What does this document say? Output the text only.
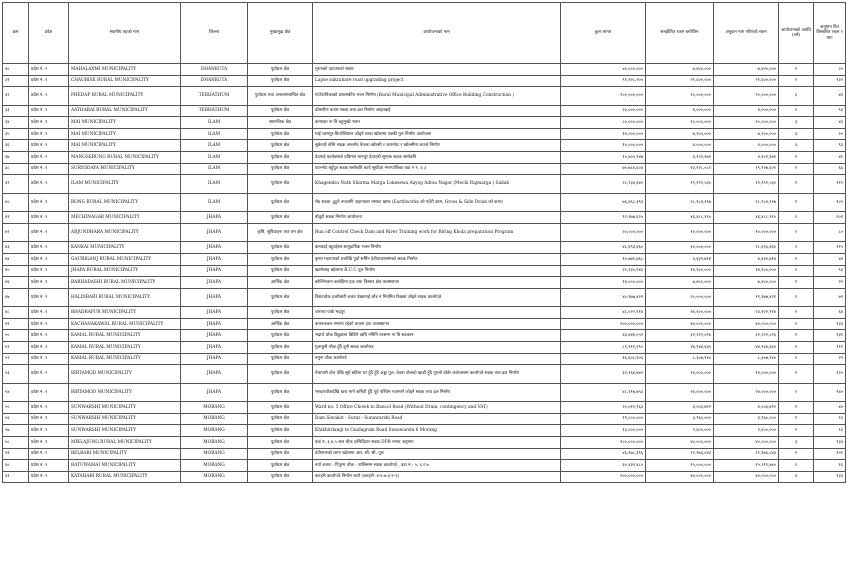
क्रम	प्रदेश	स्थानीय तहको नाम	जिल्ला	मुख्यमुद्रा क्षेत्र	आयोजनाको नाम	कुल लागत	सम्झौतित रकम बमोजिम	अनुदान माग गरिएको रकम	आयोजनाको अवधि (वर्ष)	अनुमान दिन विस्तारित रकम र माग
३०	प्रदेश नं. १	MAHALAXMI MUNICIPALITY	DHANKUTA	पूर्वाधार क्षेत्र	मुरानको उठाउनको सडक	४०,०००,०००	७,४००,०००	७,४००,०००	१	२०
३१	प्रदेश नं. १	CHAUBISE RURAL MUNICIPALITY	DHANKUTA	पूर्वाधार क्षेत्र	Lapse sukrabare road upgrading project	९१,९२८,२००	२१,६००,०००	२१,६००,०००	१	१३२
३२	प्रदेश नं. १	PHEDAP RURAL MUNICIPALITY	TERHATHUM	पुर्वाधार तथा अन्तरसम्बन्धित क्षेत्र	गाउँपालिकाको प्रशासकीय भवन निर्माण (Rural Municipal Administrative Office Building Construction )	१००,०००,०००	२०,०००,०००	२०,०००,०००	३	४३
३३	प्रदेश नं. १	AATHARAI RURAL MUNICIPALITY	TERHATHUM	पूर्वाधार क्षेत्र	बाँकमीण बजार सडक तथा ढल निर्माण आइतबाई	२०,०००,०००	४,०००,०००	४,०००,०००	१	९३
३४	प्रदेश नं. १	MAI MUNICIPALITY	ILAM	सामाजिक क्षेत्र	कन्याका ना वि बहुमुखी भवन	८०,०००,०००	२०,०००,०००	२०,०००,०००	३	४३
३५	प्रदेश नं. १	MAI MUNICIPALITY	ILAM	पूर्वाधार क्षेत्र	माई धरमपुर-बिजोलियाल जोड्ने रतवा खोलामा पक्की पुल निर्माण आयोजना	१४,०००,०००	७,२००,०००	७,२००,०००	३	२०
३६	प्रदेश नं. १	MAI MUNICIPALITY	ILAM	पूर्वाधार क्षेत्र	सुकेवार्र वस्ति सडक अन्तर्गत वैजला खोल्सी र जरामोटा र खोल्सीमा कजवे निर्माण	१०,०००,०००	४,०००,०००	४,०००,०००	३	९३
३७	प्रदेश नं. १	MANGSEBUNG RURAL MUNICIPALITY	ILAM	पूर्वाधार क्षेत्र	देउमाई कालेक्याले दविमान मानपुर देउराली सुमाक सडक स्तरोन्नति	१०,४०५,१४७	४,१०२,१७१	४,१०२,१७१	१	४१
३८	प्रदेश नं. १	SURYODAYA MUNICIPALITY	ILAM	पूर्वाधार क्षेत्र	फाल्नोट बहुँदुत सडक स्तरोन्नति कार्य सूर्योदय नगरपालिका वडा नं ९, ४ ३	७०,७८४,६०३	२३,९२८,०८१	१९,९२७,६०१	१	६६
३९	प्रदेश नं. १	ILAM MUNICIPALITY	ILAM	पूर्वाधार क्षेत्र	Khagendra Nath Sharma Marga Lokesewa Aayog Adrsa Nagar (Mechi Rajmarga ) Sadak	२८,२३४,६४०	१९,१९२,५३०	१९,१९२,५३०	१	१११
४०	प्रदेश नं. १	RONG RURAL MUNICIPALITY	ILAM	पूर्वाधार क्षेत्र	रोड सडक- टुटुने तपलागि जहानाटार मस्याट खण्ड (Earthworks को फाँटी काम, Gross & Side Drain को काम)	७६,४६८,३९३	२८,९८४,११७	२८,९८४,११७	१	१०१
४१	प्रदेश नं. १	MECHINAGAR MUNICIPALITY	JHAPA	पूर्वाधार क्षेत्र	बीतुटी सडक निर्माण आयोजना	९२,१७७,६२०	४६,४८८,९१०	४६,४८८,९१०	१	२०१
४२	प्रदेश नं. १	ARJUNDHARA MUNICIPALITY	JHAPA	कृषि, सुविधाहरु तथा वन क्षेत्र	Run off Control Check Dam and River Training work for Biring Khola preparation Program	२०,०००,०००	१०,०००,०००	१०,०००,०००	१	८०
४३	प्रदेश नं. १	KANKAI MUNICIPALITY	JHAPA	पूर्वाधार क्षेत्र	कनकाई बहुउद्देश्य सामुदायिक भवन निर्माण	४८,६९३,४६०	३०,०००,०००	२८,६९३,४६०	२	११५
४४	प्रदेश नं. १	GAURIGANJ RURAL MUNICIPALITY	JHAPA	पूर्वाधार क्षेत्र	कृष्ण महतपाको घरदेखि पुर्वा सर्मिन देवीपाथरसम्मको सडक निर्माण	१०,७७१,७६८	४,४३९,७१४	४,४३९,७१४	१	४४
४५	प्रदेश नं. १	JHAPA RURAL MUNICIPALITY	JHAPA	पूर्वाधार क्षेत्र	खल्मेलाइ खोलामा R.C.C पुल निर्माण	२०,१३०,९४३	१४,१००,०००	१४,१००,०००	१	९३
४६	प्रदेश नं. १	BARHADASHI RURAL MUNICIPALITY	JHAPA	आर्थिक क्षेत्र	कोल्पिन्जान बल्देहिमा हाट तथा विस्तार क्षेत्र व्यवस्थापन	१४,०००,०००	७,४००,०००	७,४००,०००	१	२१
४७	प्रदेश नं. १	HALDIBARI RURAL MUNICIPALITY	JHAPA	पूर्वाधार क्षेत्र	विराटचोक हल्दीबारी बजार देखामाई लोड नं नियमित रिखबा जोड्ने सडक कालोपत्रे	४०,१७७,४२१	२०,०००,०००	१९,१७७,४२१	१	७९
४८	प्रदेश नं. १	BHADRAPUR MUNICIPALITY	JHAPA	पूर्वाधार क्षेत्र	चारपथ पार्क भद्रपुर	४८,०२२,११४	२४,१००,०००	२३,१२२,११४	१	६४
४९	प्रदेश नं. १	KACHANAKAWAL RURAL MUNICIPALITY	JHAPA	आर्थिक क्षेत्र	कचनकवल नगरमा रहेको कचना हाट व्यवस्थापन	१००,०००,०००	४०,०००,०००	४०,०००,०००	१	१३३
५०	प्रदेश नं. १	KAMAL RURAL MUNICIPALITY	JHAPA	पूर्वाधार क्षेत्र	भद्रार्थ चोक बिडुडाला बिडिमे ऋषि नमिनि घरसम्म ना बि सडकान	६४,४४४,०५२	३२,२२२,०२६	३२,२२२,०२६	१	१३१
५१	प्रदेश नं. १	KAMAL RURAL MUNICIPALITY	JHAPA	पूर्वाधार क्षेत्र	गुलाबुनी चौक हुँदै दुनी सडक कालोपत्र	८९,९११,२९०	४४,९४४,६४५	४४,९४४,६४५	१	१११
५२	प्रदेश नं. १	KAMAL RURAL MUNICIPALITY	JHAPA	पूर्वाधार क्षेत्र	नमुना चौक कालोपत्रे	१६,६०८,१०६	८,३०७,१४०	८,३०७,१४०	१	२२
५३	प्रदेश नं. १	BIRTAMOD MUNICIPALITY	JHAPA	पूर्वाधार क्षेत्र	मेचावारी टोल देखि सूर्य बडिमा घर हुँदै हुँदै अड्डा पुल, देवता टोलको खाडी हुँदै पुरानो बोर्डर कलेजसम्म कालोपत्रे सडक तथा ढल निर्माण	३२,१६४,४४०	१४,०००,०००	१४,०००,०००	१	१२०
५४	प्रदेश नं. १	BIRTAMOD MUNICIPALITY	JHAPA	पूर्वाधार क्षेत्र	भण्डारचौकदेखि धारा मार्ग कमिटी हुँदै पूर्व पश्चिम राजमार्ग जोड्ने सडक तथा ढल निर्माण	४८,२१७,७५३	२४,०००,०००	२४,०००,०००	१	१४०
५५	प्रदेश नं. १	SUNWARSHI MUNICIPALITY	MORANG	पूर्वाधार क्षेत्र	Ward no. 5 Office Chowk to Bancol Road (Without Drain, contingency and VAT)	२०,०११,९६३	४,००३,७९२	४,००३,७९२	१	४०
५६	प्रदेश नं. १	SUNWARSHI MUNICIPALITY	MORANG	पूर्वाधार क्षेत्र	Ram Siwakot - Surat - Sunawarshi Road	१९,८००,०००	३,९६०,०००	३,९६०,०००	१	१३
५७	प्रदेश नं. १	SUNWARSHI MUNICIPALITY	MORANG	पूर्वाधार क्षेत्र	Khikhirdangi to Guidagram Road Sunawarshi 6 Morang	१३,०००,०००	२,६००,०००	२,६००,०००	१	१३
५८	प्रदेश नं. १	MIKLAJUNG RURAL MUNICIPALITY	MORANG	पूर्वाधार क्षेत्र	वाडं न. ३,४,५ जल चौक धन्विदिटार सडक DPR नागत अनुमान	१००,०००,०००	४०,०००,०००	४०,०००,०००	३	१३३
५९	प्रदेश नं. १	BELBARI MUNICIPALITY	MORANG	पूर्वाधार क्षेत्र	देवीनगरको लामा खोलामा आर. सी. सी. पुल	४६,१७८,३९६	२२,१७६,०४३	२२,१७६,०४३	१	१०१
६०	प्रदेश नं. १	RATUWAMAI MUNICIPALITY	MORANG	पूर्वाधार क्षेत्र	नयाँ बजार - पिपुरम चौक - तालिसम्म सडक कालोपत्रे , वडा नं.- ५, ६ र ७	३०,४३९,४८०	१५,०००,०००	१५,२१९,७४०	१	१६
६१	प्रदेश नं. १	KATAHARI RURAL MUNICIPALITY	MORANG	पूर्वाधार क्षेत्र	कटहरी कालोपत्रे निर्माण कार्य (कटहरी -४-६-७-३-२-१)	१००,०००,०००	४०,०००,०००	४०,०००,०००	३	१३३
